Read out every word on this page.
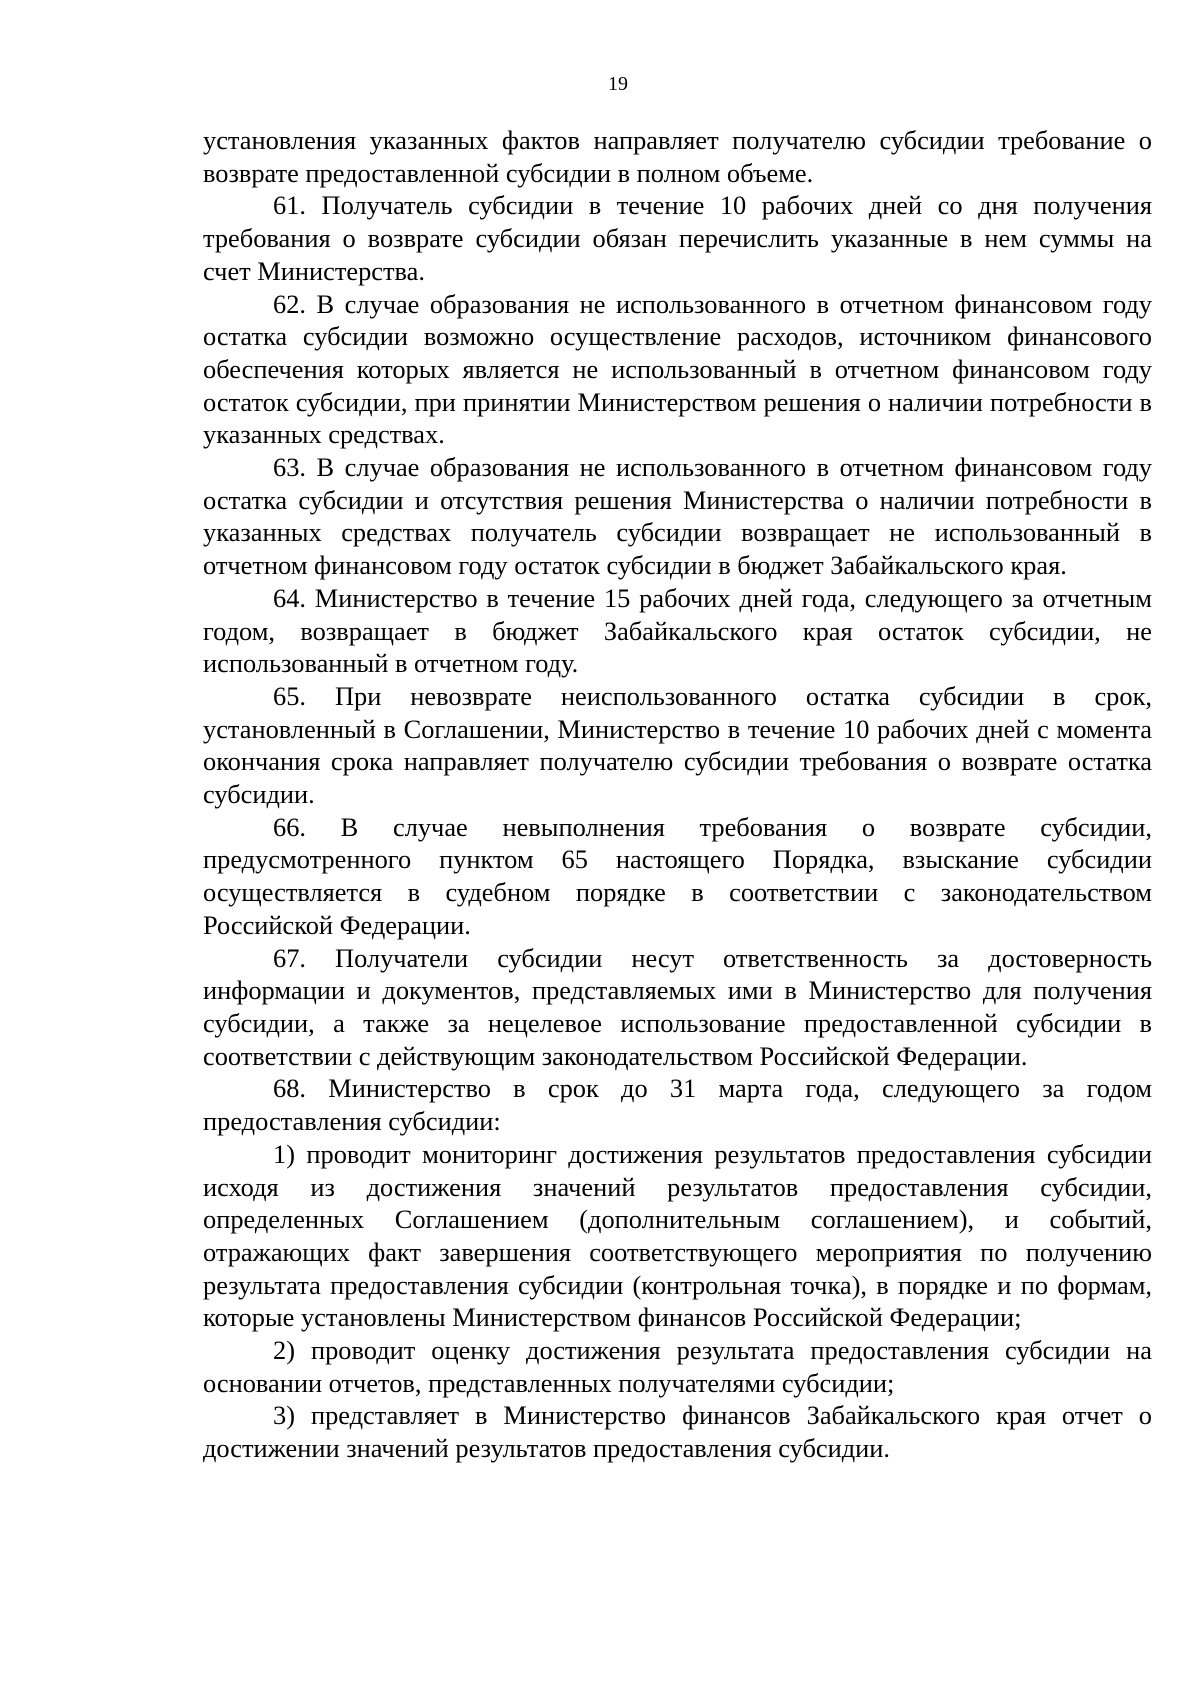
19

установления указанных фактов направляет получателю субсидии требование о возврате предоставленной субсидии в полном объеме.

61. Получатель субсидии в течение 10 рабочих дней со дня получения требования о возврате субсидии обязан перечислить указанные в нем суммы на счет Министерства.

62. В случае образования не использованного в отчетном финансовом году остатка субсидии возможно осуществление расходов, источником финансового обеспечения которых является не использованный в отчетном финансовом году остаток субсидии, при принятии Министерством решения о наличии потребности в указанных средствах.

63. В случае образования не использованного в отчетном финансовом году остатка субсидии и отсутствия решения Министерства о наличии потребности в указанных средствах получатель субсидии возвращает не использованный в отчетном финансовом году остаток субсидии в бюджет Забайкальского края.

64. Министерство в течение 15 рабочих дней года, следующего за отчетным годом, возвращает в бюджет Забайкальского края остаток субсидии, не использованный в отчетном году.

65. При невозврате неиспользованного остатка субсидии в срок, установленный в Соглашении, Министерство в течение 10 рабочих дней с момента окончания срока направляет получателю субсидии требования о возврате остатка субсидии.

66. В случае невыполнения требования о возврате субсидии, предусмотренного пунктом 65 настоящего Порядка, взыскание субсидии осуществляется в судебном порядке в соответствии с законодательством Российской Федерации.

67. Получатели субсидии несут ответственность за достоверность информации и документов, представляемых ими в Министерство для получения субсидии, а также за нецелевое использование предоставленной субсидии в соответствии с действующим законодательством Российской Федерации.

68. Министерство в срок до 31 марта года, следующего за годом предоставления субсидии:

1) проводит мониторинг достижения результатов предоставления субсидии исходя из достижения значений результатов предоставления субсидии, определенных Соглашением (дополнительным соглашением), и событий, отражающих факт завершения соответствующего мероприятия по получению результата предоставления субсидии (контрольная точка), в порядке и по формам, которые установлены Министерством финансов Российской Федерации;

2) проводит оценку достижения результата предоставления субсидии на основании отчетов, представленных получателями субсидии;

3) представляет в Министерство финансов Забайкальского края отчет о достижении значений результатов предоставления субсидии.
